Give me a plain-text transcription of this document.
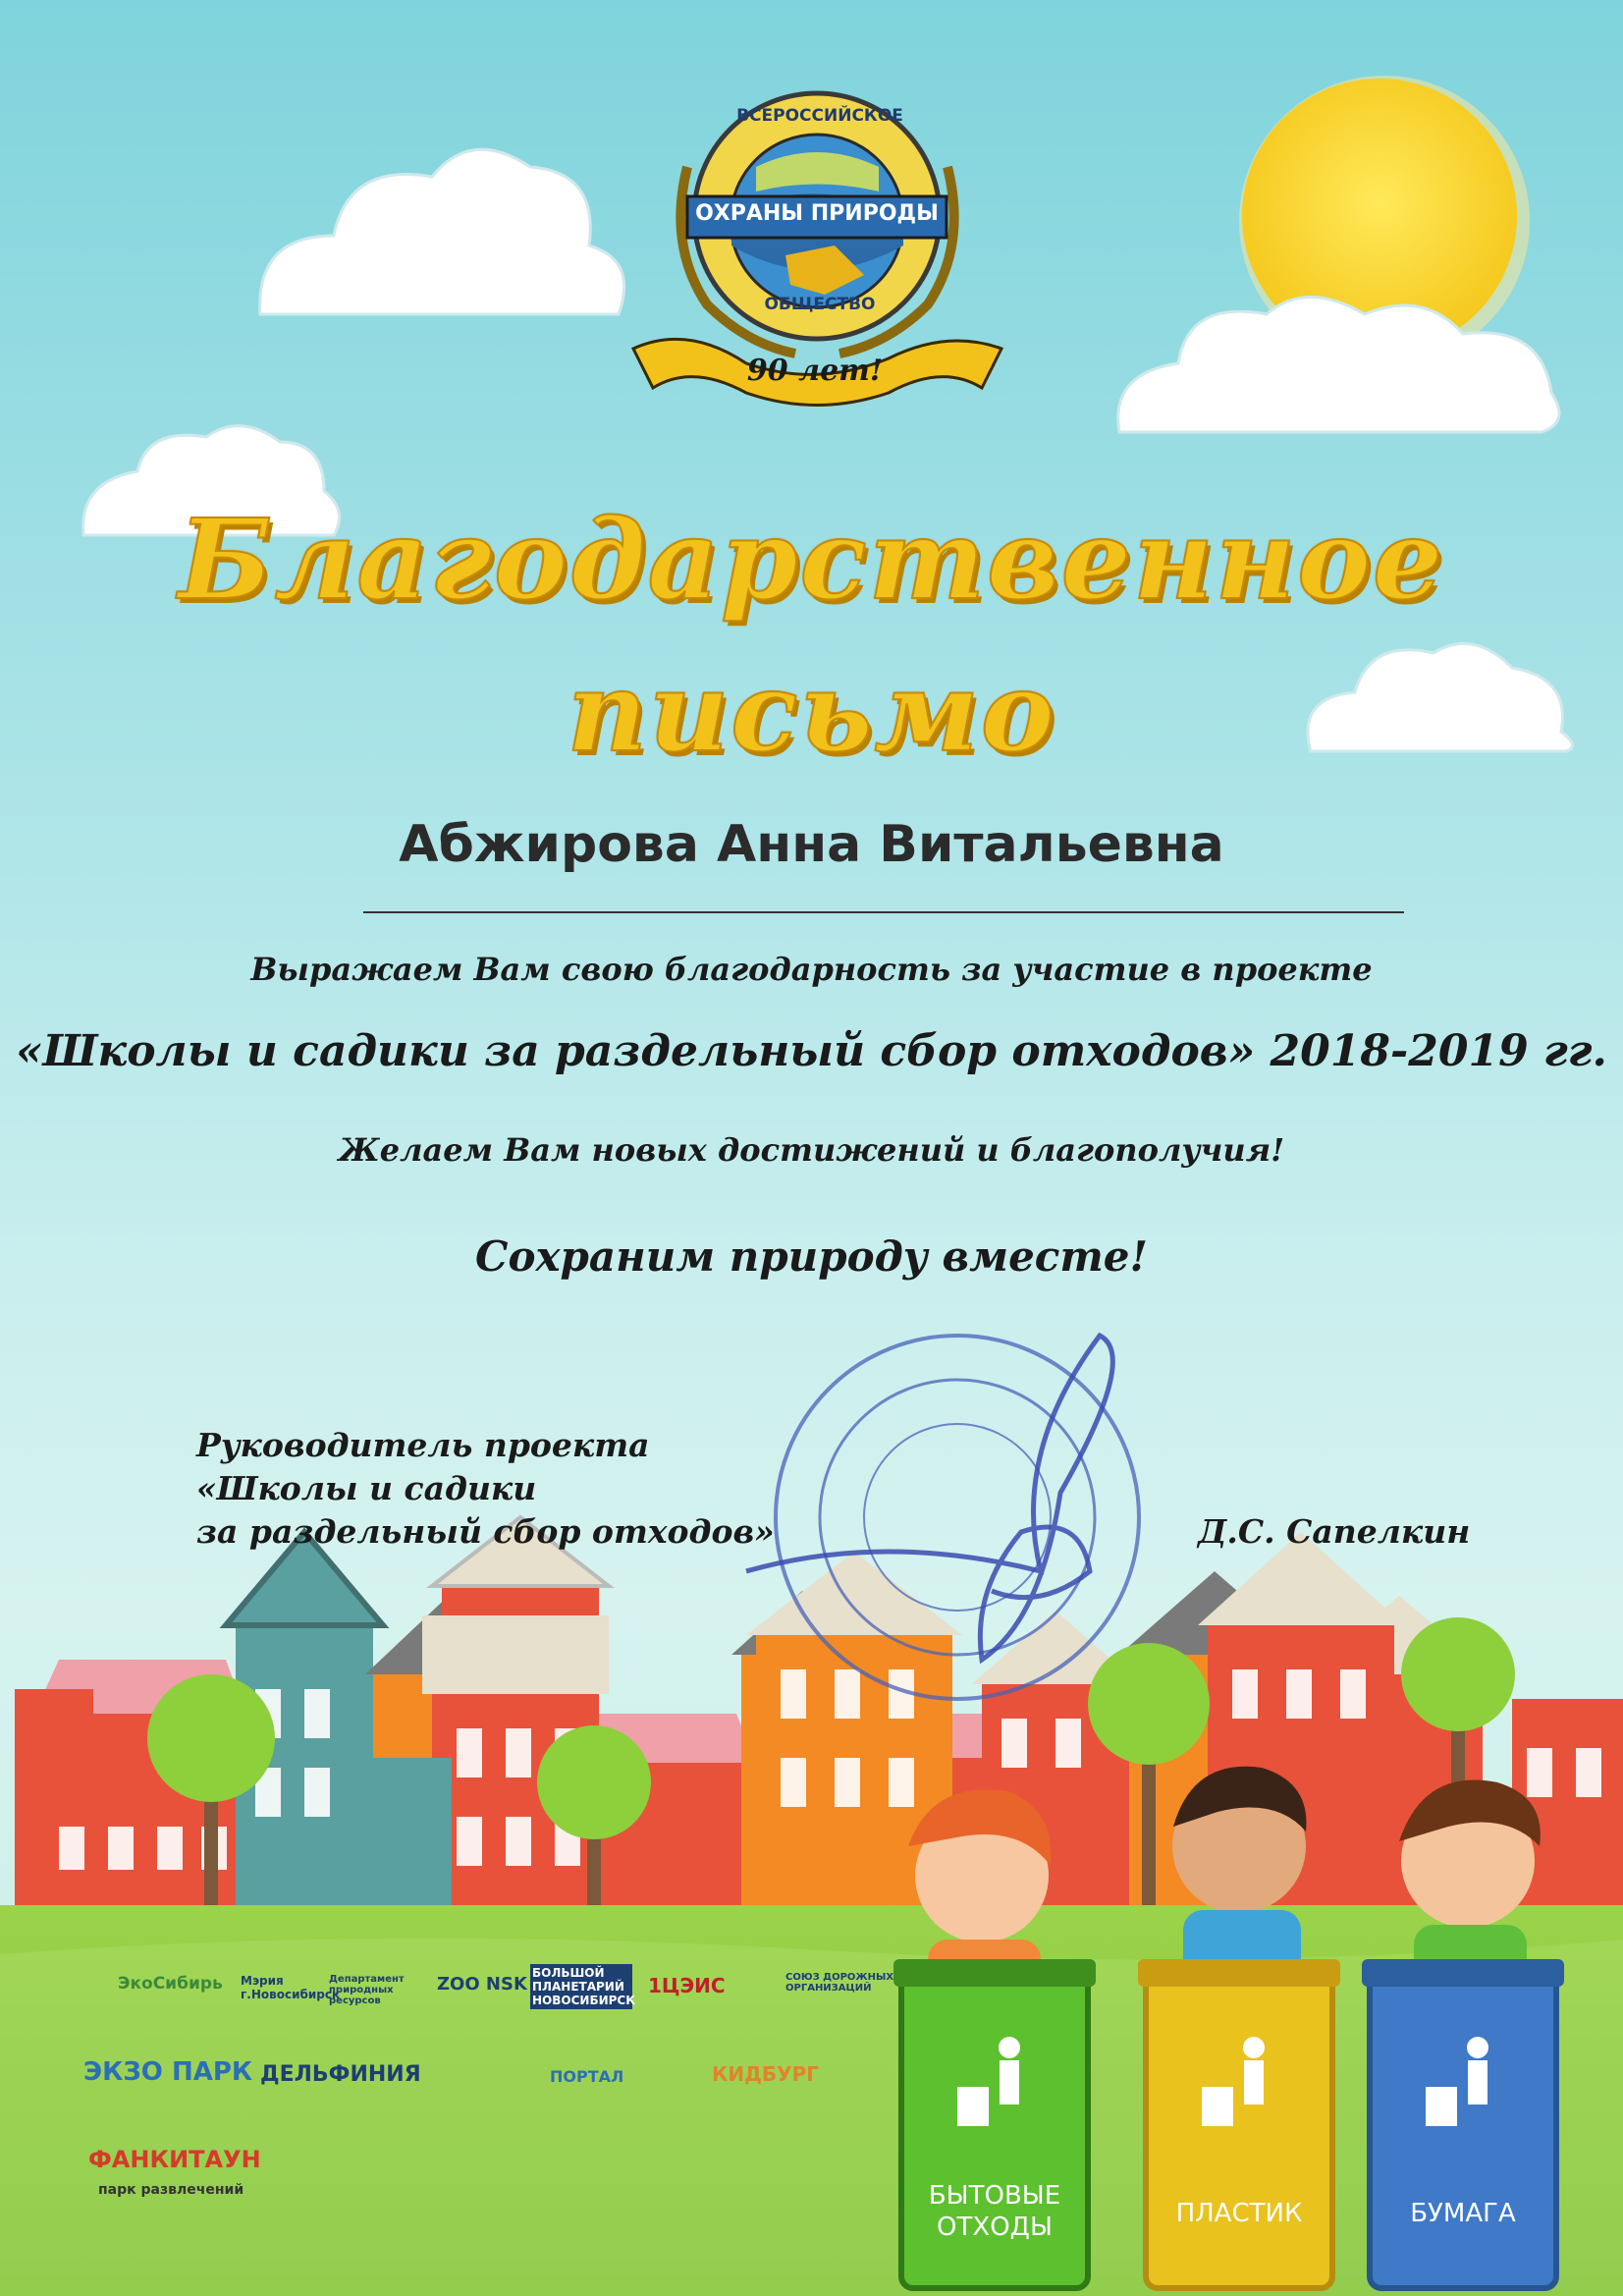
БЫТОВЫЕ
ОТХОДЫ	ПЛАСТИК	БУМАГА
ОХРАНЫ ПРИРОДЫ
ВСЕРОССИЙСКОЕ
ОБЩЕСТВО
90 лет!
Благодарственное
письмо
Абжирова Анна Витальевна
Выражаем Вам свою благодарность за участие в проекте
«Школы и садики за раздельный сбор отходов» 2018-2019 гг.
Желаем Вам новых достижений и благополучия!
Сохраним природу вместе!
Руководитель проекта
«Школы и садики
за раздельный сбор отходов»	Д.С. Сапелкин
ЭкоСибирь Мэрия г.Новосибирск
Департамент природных ресурсов
ZOO NSK
БОЛЬШОЙ ПЛАНЕТАРИЙ НОВОСИБИРСК
1ЦЭИС	СОЮЗ ДОРОЖНЫХ ОРГАНИЗАЦИЙ
ЭКЗО ПАРК ДЕЛЬФИНИЯ	ПОРТАЛ	КИДБУРГ
ФАНКИТАУН
парк развлечений
